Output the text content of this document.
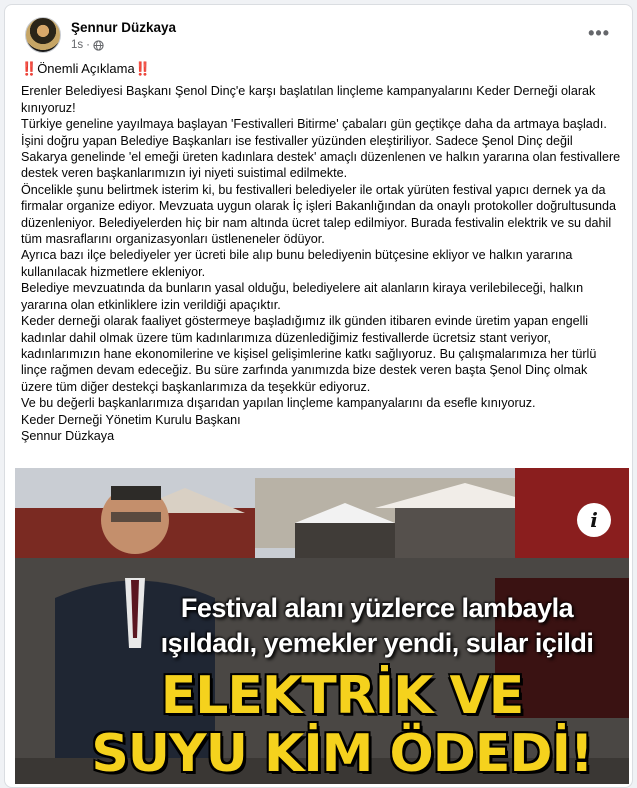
Şennur Düzkaya
1s ·
•••

‼️Önemli Açıklama‼️

Erenler Belediyesi Başkanı Şenol Dinç'e karşı başlatılan linçleme kampanyalarını Keder Derneği olarak kınıyoruz!

Türkiye geneline yayılmaya başlayan 'Festivalleri Bitirme' çabaları gün geçtikçe daha da artmaya başladı. İşini doğru yapan Belediye Başkanları ise festivaller yüzünden eleştiriliyor. Sadece Şenol Dinç değil Sakarya genelinde 'el emeği üreten kadınlara destek' amaçlı düzenlenen ve halkın yararına olan festivallere destek veren başkanlarımızın iyi niyeti suistimal edilmekte.

Öncelikle şunu belirtmek isterim ki, bu festivalleri belediyeler ile ortak yürüten festival yapıcı dernek ya da firmalar organize ediyor. Mevzuata uygun olarak İç işleri Bakanlığından da onaylı protokoller doğrultusunda düzenleniyor. Belediyelerden hiç bir nam altında ücret talep edilmiyor. Burada festivalin elektrik ve su dahil tüm masraflarını organizasyonları üstleneneler ödüyor.

Ayrıca bazı ilçe belediyeler yer ücreti bile alıp bunu belediyenin bütçesine ekliyor ve halkın yararına kullanılacak hizmetlere ekleniyor.

Belediye mevzuatında da bunların yasal olduğu, belediyelere ait alanların kiraya verilebileceği, halkın yararına olan etkinliklere izin verildiği apaçıktır.

Keder derneği olarak faaliyet göstermeye başladığımız ilk günden itibaren evinde üretim yapan engelli kadınlar dahil olmak üzere tüm kadınlarımıza düzenlediğimiz festivallerde ücretsiz stant veriyor, kadınlarımızın hane ekonomilerine ve kişisel gelişimlerine katkı sağlıyoruz. Bu çalışmalarımıza her türlü linçe rağmen devam edeceğiz. Bu süre zarfında yanımızda bize destek veren başta Şenol Dinç olmak üzere tüm diğer destekçi başkanlarımıza da teşekkür ediyoruz.

Ve bu değerli başkanlarımıza dışarıdan yapılan linçleme kampanyalarını da esefle kınıyoruz.

Keder Derneği Yönetim Kurulu Başkanı

Şennur Düzkaya

i
Festival alanı yüzlerce lambayla
ışıldadı, yemekler yendi, sular içildi
ELEKTRİK VE
SUYU KİM ÖDEDİ!
